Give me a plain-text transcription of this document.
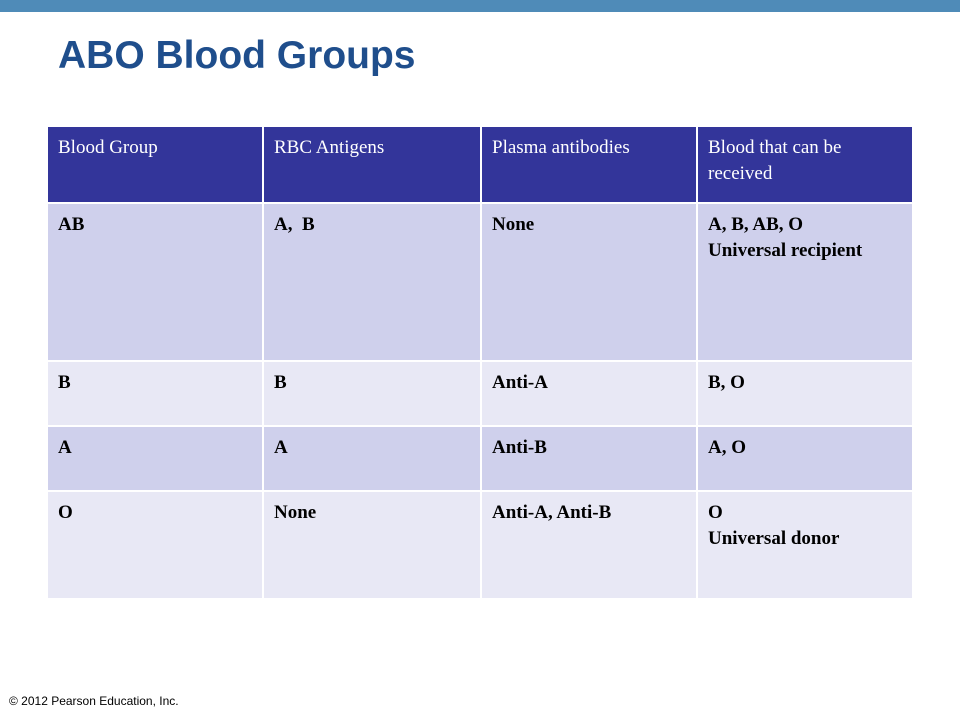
ABO Blood Groups
Blood Group	RBC Antigens	Plasma antibodies	Blood that can be received
AB	A,  B	None	A, B, AB, O
Universal recipient

B	B	Anti-A	B, O

A	A	Anti-B	A, O

O	None	Anti-A, Anti-B	O
Universal donor

© 2012 Pearson Education, Inc.
